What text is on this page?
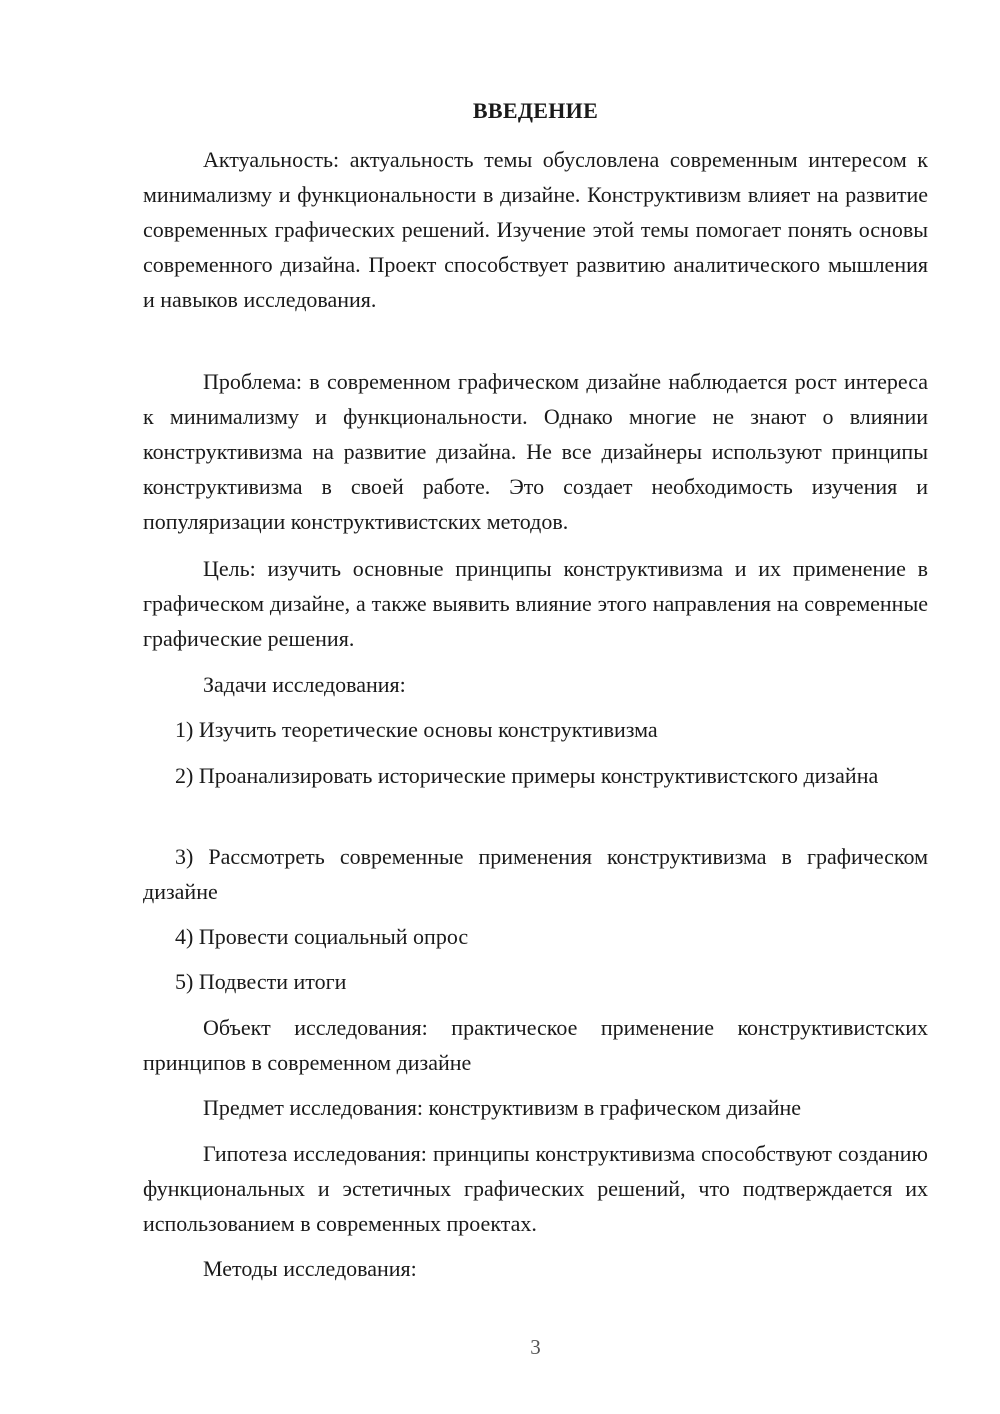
ВВЕДЕНИЕ

Актуальность: актуальность темы обусловлена современным интересом к минимализму и функциональности в дизайне. Конструктивизм влияет на развитие современных графических решений. Изучение этой темы помогает понять основы современного дизайна. Проект способствует развитию аналитического мышления и навыков исследования.

Проблема: в современном графическом дизайне наблюдается рост интереса к минимализму и функциональности. Однако многие не знают о влиянии конструктивизма на развитие дизайна. Не все дизайнеры используют принципы конструктивизма в своей работе. Это создает необходимость изучения и популяризации конструктивистских методов.

Цель: изучить основные принципы конструктивизма и их применение в графическом дизайне, а также выявить влияние этого направления на современные графические решения.

Задачи исследования:

1) Изучить теоретические основы конструктивизма

2) Проанализировать исторические примеры конструктивистского дизайна

3) Рассмотреть современные применения конструктивизма в графическом дизайне

4) Провести социальный опрос

5) Подвести итоги

Объект исследования: практическое применение конструктивистских принципов в современном дизайне

Предмет исследования: конструктивизм в графическом дизайне

Гипотеза исследования: принципы конструктивизма способствуют созданию функциональных и эстетичных графических решений, что подтверждается их использованием в современных проектах.

Методы исследования:

3
